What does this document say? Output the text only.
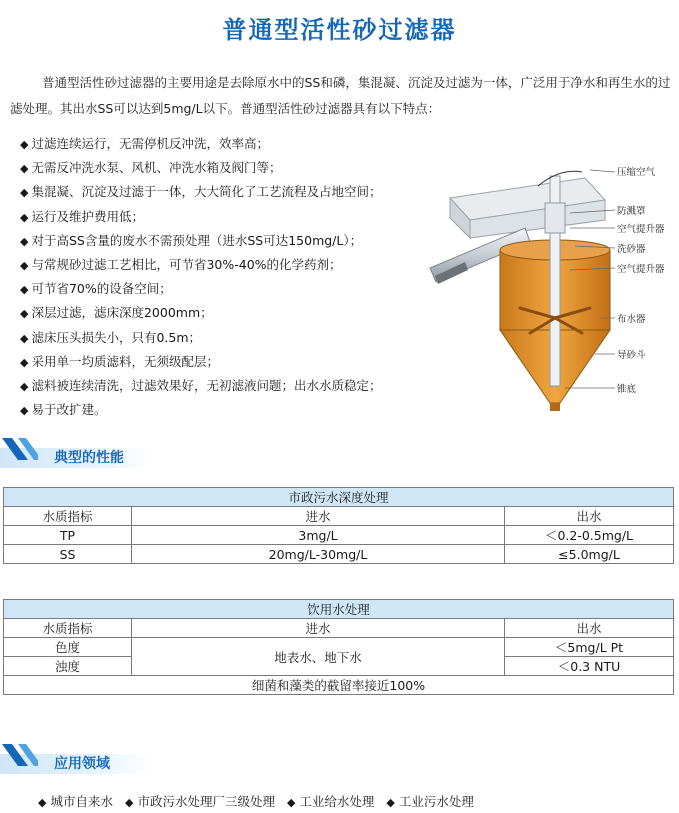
普通型活性砂过滤器
普通型活性砂过滤器的主要用途是去除原水中的SS和磷，集混凝、沉淀及过滤为一体，广泛用于净水和再生水的过滤处理。其出水SS可以达到5mg/L以下。普通型活性砂过滤器具有以下特点：
◆ 过滤连续运行，无需停机反冲洗，效率高；
◆ 无需反冲洗水泵、风机、冲洗水箱及阀门等；
◆ 集混凝、沉淀及过滤于一体，大大简化了工艺流程及占地空间；
◆ 运行及维护费用低；
◆ 对于高SS含量的废水不需预处理（进水SS可达150mg/L）；
◆ 与常规砂过滤工艺相比，可节省30%-40%的化学药剂；
◆ 可节省70%的设备空间；
◆ 深层过滤，滤床深度2000mm；
◆ 滤床压头损失小，只有0.5m；
◆ 采用单一均质滤料，无须级配层；
◆ 滤料被连续清洗，过滤效果好，无初滤液问题；出水水质稳定；
◆ 易于改扩建。
压缩空气
防溅罩
空气提升器
洗砂器
空气提升器
布水器
导砂斗
锥底
典型的性能
市政污水深度处理		
水质指标	进水	出水
TP	3mg/L	＜0.2-0.5mg/L
SS	20mg/L-30mg/L	≤5.0mg/L
饮用水处理		
水质指标	进水	出水
色度	地表水、地下水	＜5mg/L Pt
浊度		＜0.3 NTU
细菌和藻类的截留率接近100%		
应用领域
◆ 城市自来水 ◆ 市政污水处理厂三级处理 ◆ 工业给水处理 ◆ 工业污水处理
